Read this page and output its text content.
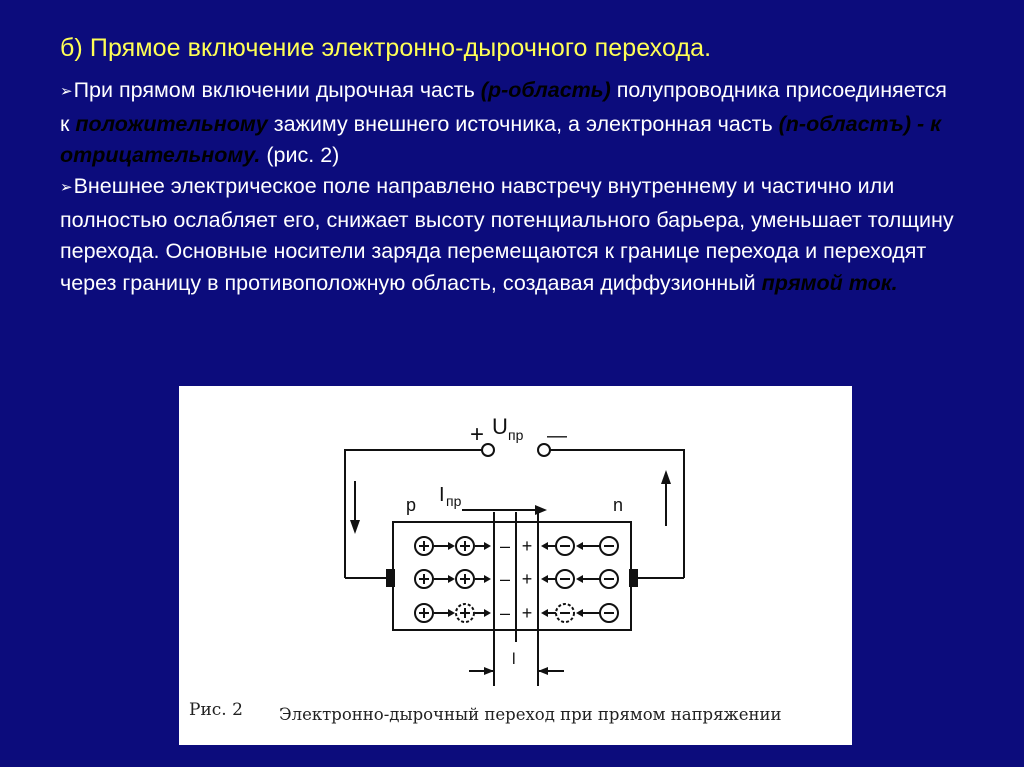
б) Прямое включение электронно-дырочного перехода.
➢При прямом включении дырочная часть (р-область) полупроводника присоединяется к положительному зажиму внешнего источника, а электронная часть (n-областъ) - к отрицательному. (рис. 2)
➢Внешнее электрическое поле направлено навстречу внутреннему и частично или полностью ослабляет его, снижает высоту потенциального барьера, уменьшает толщину перехода. Основные носители заряда перемещаются к границе перехода и переходят через границу в противоположную область, создавая диффузионный прямой ток.
+ U пр —
I пр
р	n
l
– +
– +
– +
Рис. 2 Электронно-дырочный переход при прямом напряжении
